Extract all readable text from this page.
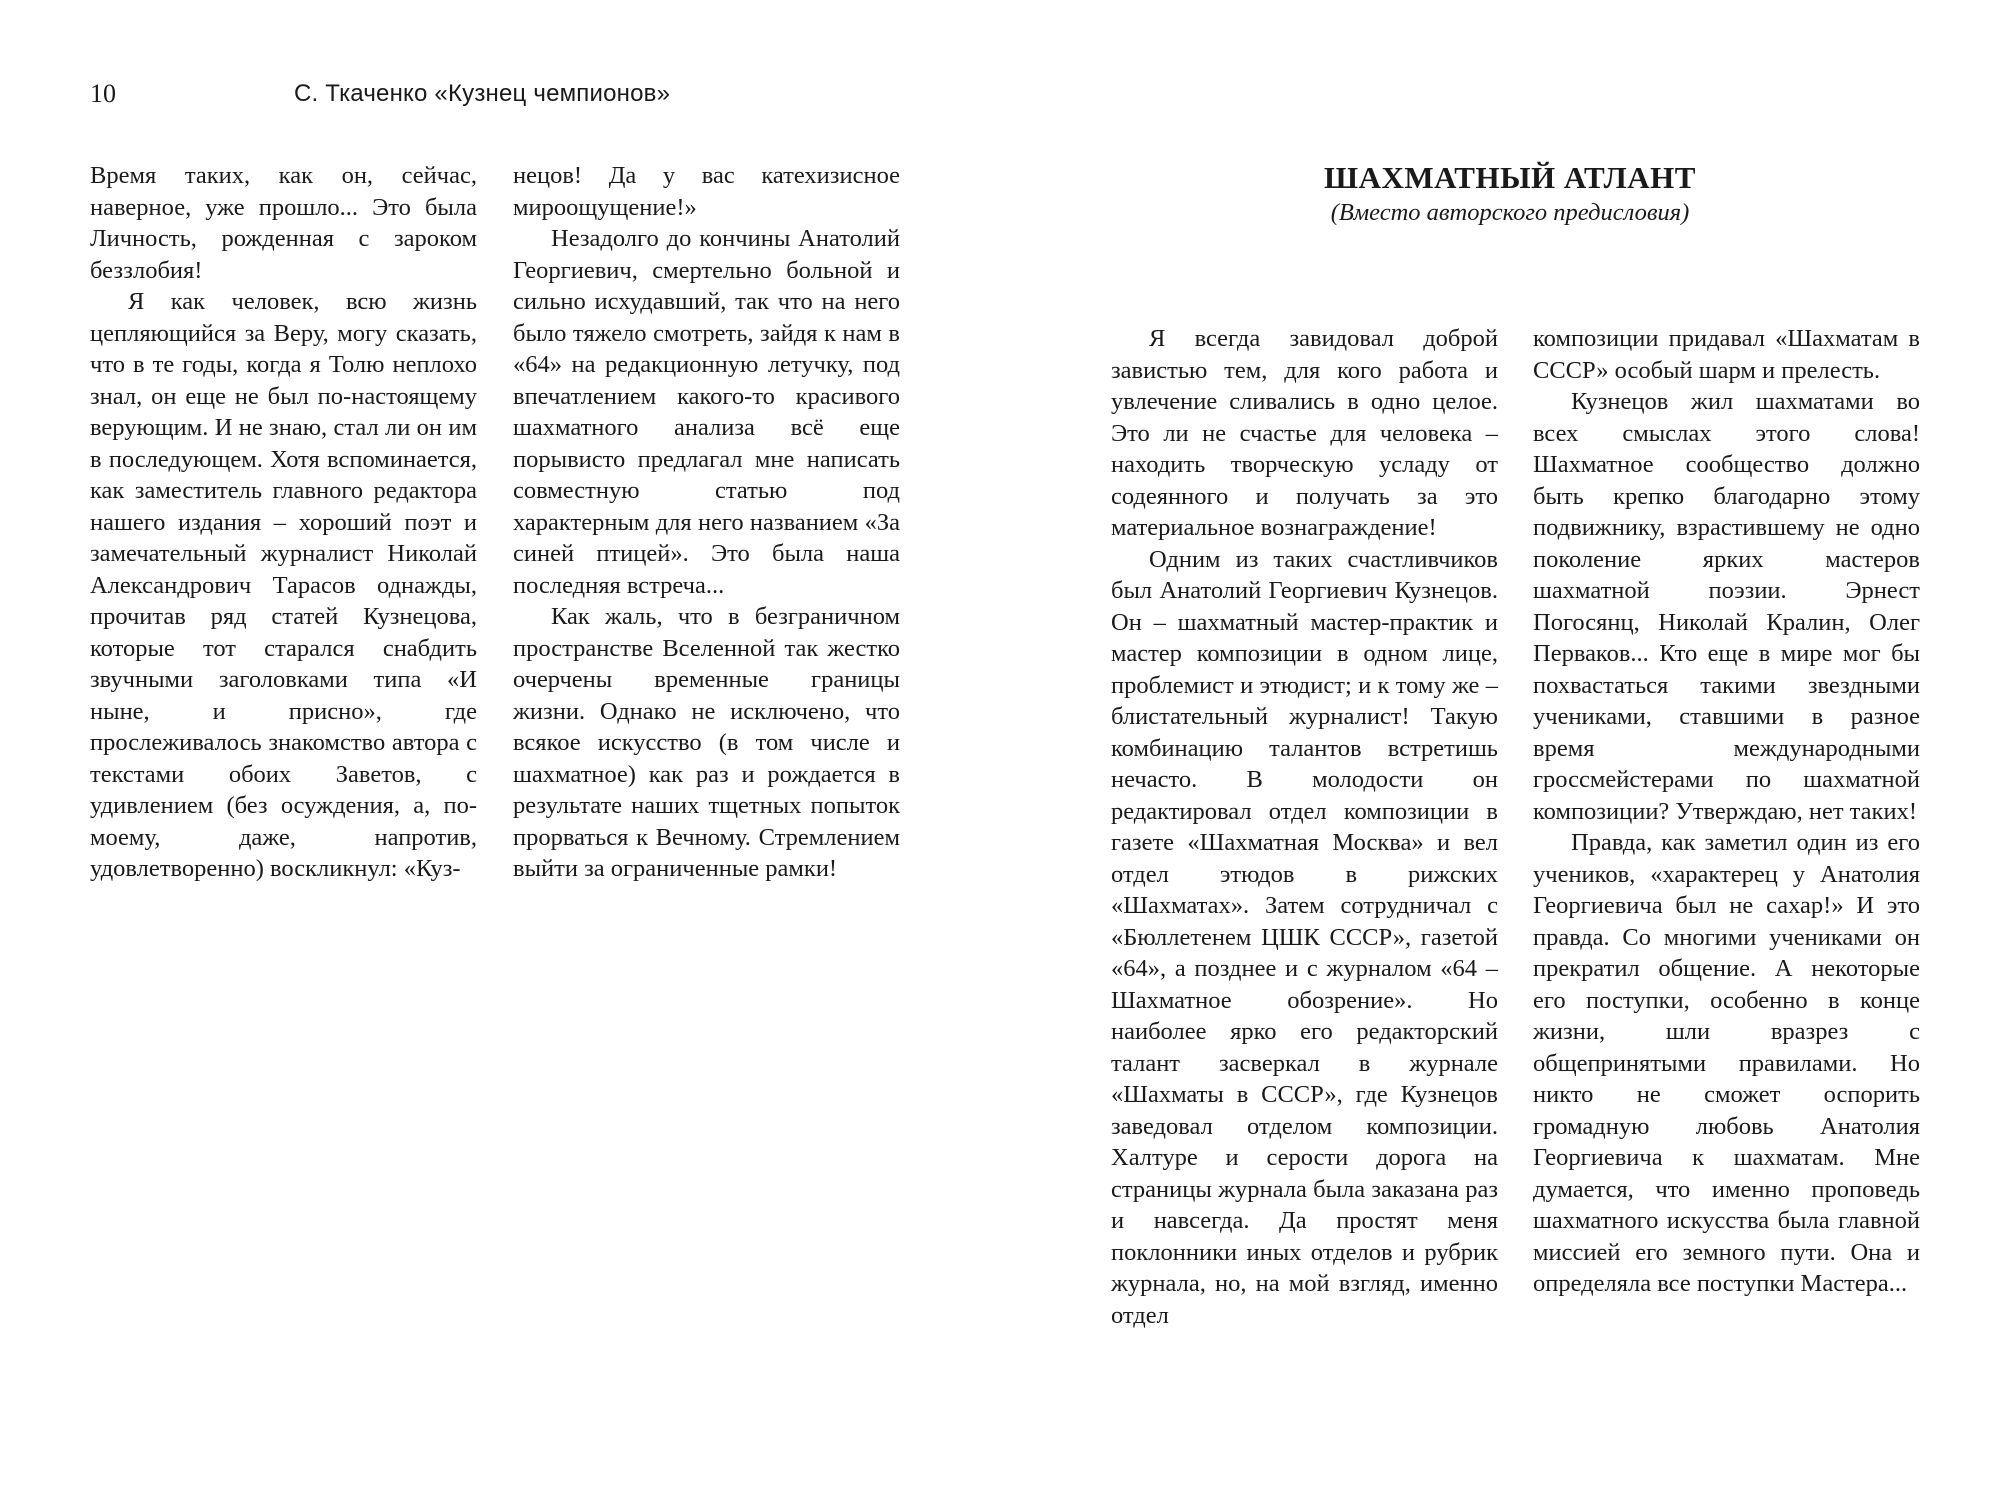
10	С. Ткаченко «Кузнец чемпионов»

Время таких, как он, сейчас, наверное, уже прошло... Это была Личность, рожденная с зароком беззлобия!

Я как человек, всю жизнь цепляющийся за Веру, могу сказать, что в те годы, когда я Толю неплохо знал, он еще не был по-настоящему верующим. И не знаю, стал ли он им в последующем. Хотя вспоминается, как заместитель главного редактора нашего издания – хороший поэт и замечательный журналист Николай Александрович Тарасов однажды, прочитав ряд статей Кузнецова, которые тот старался снабдить звучными заголовками типа «И ныне, и присно», где прослеживалось знакомство автора с текстами обоих Заветов, с удивлением (без осуждения, а, по-моему, даже, напротив, удовлетворенно) воскликнул: «Куз-

нецов! Да у вас катехизисное мироощущение!»

Незадолго до кончины Анатолий Георгиевич, смертельно больной и сильно исхудавший, так что на него было тяжело смотреть, зайдя к нам в «64» на редакционную летучку, под впечатлением какого-то красивого шахматного анализа всё еще порывисто предлагал мне написать совместную статью под характерным для него названием «За синей птицей». Это была наша последняя встреча...

Как жаль, что в безграничном пространстве Вселенной так жестко очерчены временные границы жизни. Однако не исключено, что всякое искусство (в том числе и шахматное) как раз и рождается в результате наших тщетных попыток прорваться к Вечному. Стремлением выйти за ограниченные рамки!

ШАХМАТНЫЙ АТЛАНТ
(Вместо авторского предисловия)

Я всегда завидовал доброй завистью тем, для кого работа и увлечение сливались в одно целое. Это ли не счастье для человека – находить творческую усладу от содеянного и получать за это материальное вознаграждение!

Одним из таких счастливчиков был Анатолий Георгиевич Кузнецов. Он – шахматный мастер-практик и мастер композиции в одном лице, проблемист и этюдист; и к тому же – блистательный журналист! Такую комбинацию талантов встретишь нечасто. В молодости он редактировал отдел композиции в газете «Шахматная Москва» и вел отдел этюдов в рижских «Шахматах». Затем сотрудничал с «Бюллетенем ЦШК СССР», газетой «64», а позднее и с журналом «64 – Шахматное обозрение». Но наиболее ярко его редакторский талант засверкал в журнале «Шахматы в СССР», где Кузнецов заведовал отделом композиции. Халтуре и серости дорога на страницы журнала была заказана раз и навсегда. Да простят меня поклонники иных отделов и рубрик журнала, но, на мой взгляд, именно отдел

композиции придавал «Шахматам в СССР» особый шарм и прелесть.

Кузнецов жил шахматами во всех смыслах этого слова! Шахматное сообщество должно быть крепко благодарно этому подвижнику, взрастившему не одно поколение ярких мастеров шахматной поэзии. Эрнест Погосянц, Николай Кралин, Олег Перваков... Кто еще в мире мог бы похвастаться такими звездными учениками, ставшими в разное время международными гроссмейстерами по шахматной композиции? Утверждаю, нет таких!

Правда, как заметил один из его учеников, «характерец у Анатолия Георгиевича был не сахар!» И это правда. Со многими учениками он прекратил общение. А некоторые его поступки, особенно в конце жизни, шли вразрез с общепринятыми правилами. Но никто не сможет оспорить громадную любовь Анатолия Георгиевича к шахматам. Мне думается, что именно проповедь шахматного искусства была главной миссией его земного пути. Она и определяла все поступки Мастера...
